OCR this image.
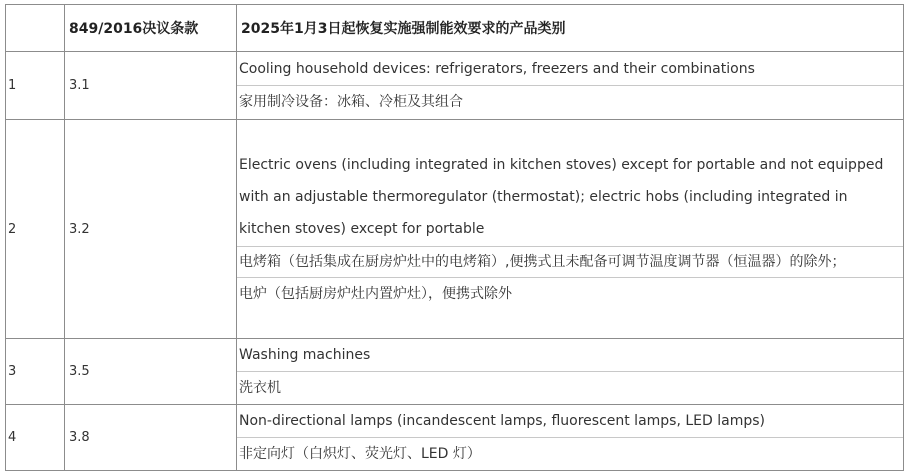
	849/2016决议条款	2025年1月3日起恢复实施强制能效要求的产品类别
1	3.1	Cooling household devices: refrigerators, freezers and their combinations
家用制冷设备：冰箱、冷柜及其组合

2	3.2	Electric ovens (including integrated in kitchen stoves) except for portable and not equipped with an adjustable thermoregulator (thermostat); electric hobs (including integrated in kitchen stoves) except for portable
电烤箱（包括集成在厨房炉灶中的电烤箱）,便携式且未配备可调节温度调节器（恒温器）的除外；
电炉（包括厨房炉灶内置炉灶），便携式除外

3	3.5	Washing machines
洗衣机

4	3.8	Non-directional lamps (incandescent lamps, fluorescent lamps, LED lamps)
非定向灯（白炽灯、荧光灯、LED 灯）
